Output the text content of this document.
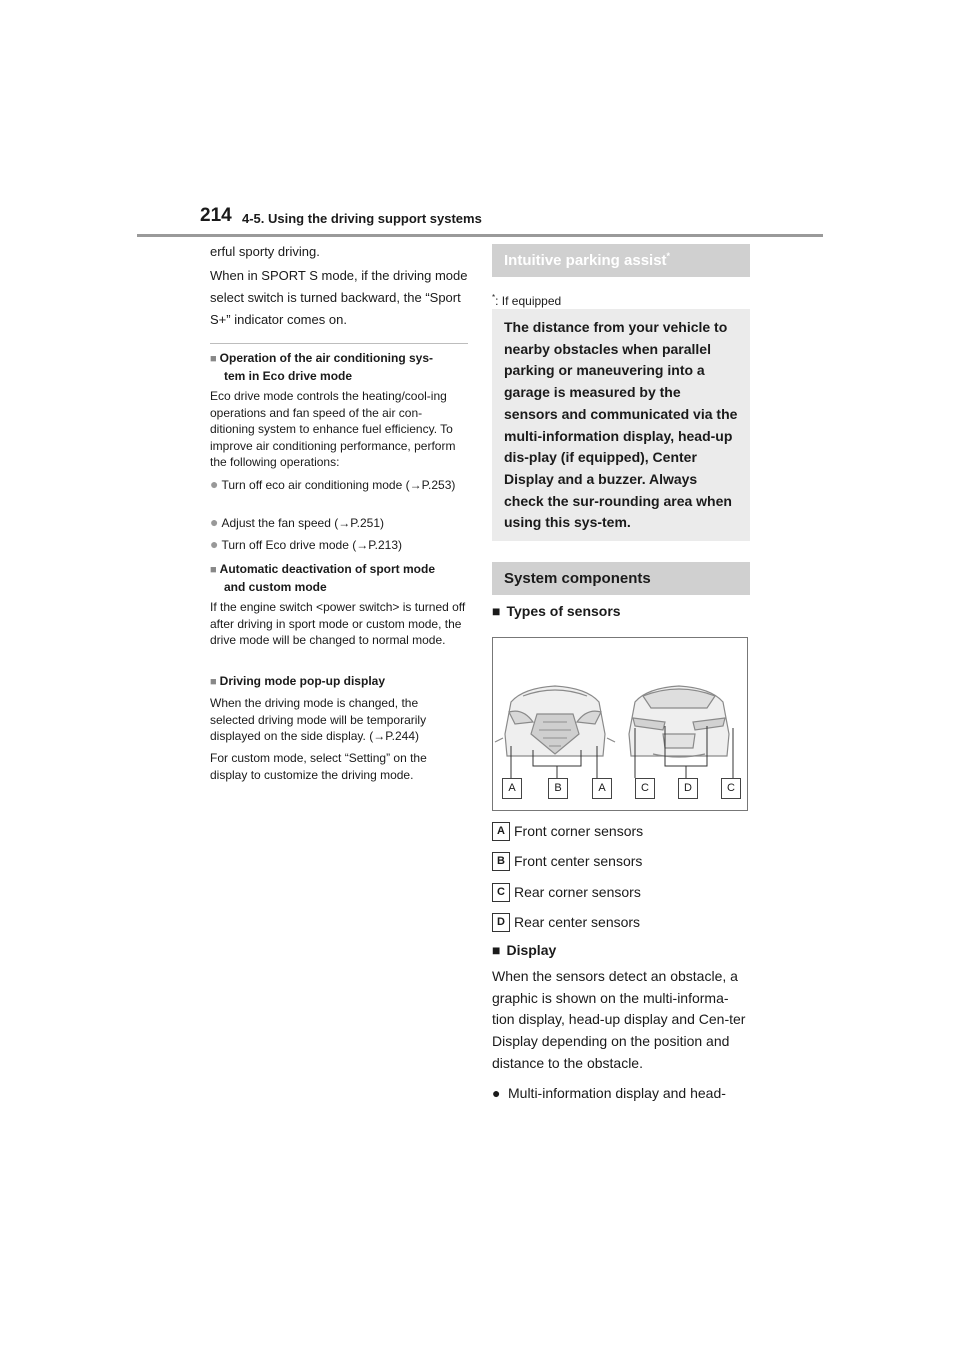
214 4-5. Using the driving support systems
erful sporty driving.
When in SPORT S mode, if the driving mode select switch is turned backward, the “Sport S+” indicator comes on.
■ Operation of the air conditioning sys-
tem in Eco drive mode
Eco drive mode controls the heating/cool-ing operations and fan speed of the air con-ditioning system to enhance fuel efficiency. To improve air conditioning performance, perform the following operations:
● Turn off eco air conditioning mode (→P.253)
● Adjust the fan speed (→P.251)
● Turn off Eco drive mode (→P.213)
■ Automatic deactivation of sport mode
and custom mode
If the engine switch <power switch> is turned off after driving in sport mode or custom mode, the drive mode will be changed to normal mode.
■ Driving mode pop-up display
When the driving mode is changed, the selected driving mode will be temporarily displayed on the side display. (→P.244)
For custom mode, select “Setting” on the display to customize the driving mode.
Intuitive parking assist*
*: If equipped
The distance from your vehicle to nearby obstacles when parallel parking or maneuvering into a garage is measured by the sensors and communicated via the multi-information display, head-up dis-play (if equipped), Center Display and a buzzer. Always check the sur-rounding area when using this sys-tem.
System components
■ Types of sensors
A	B	A	C	D	C
A Front corner sensors
B Front center sensors
C Rear corner sensors
D Rear center sensors
■ Display
When the sensors detect an obstacle, a graphic is shown on the multi-informa-tion display, head-up display and Cen-ter Display depending on the position and distance to the obstacle.
● Multi-information display and head-
